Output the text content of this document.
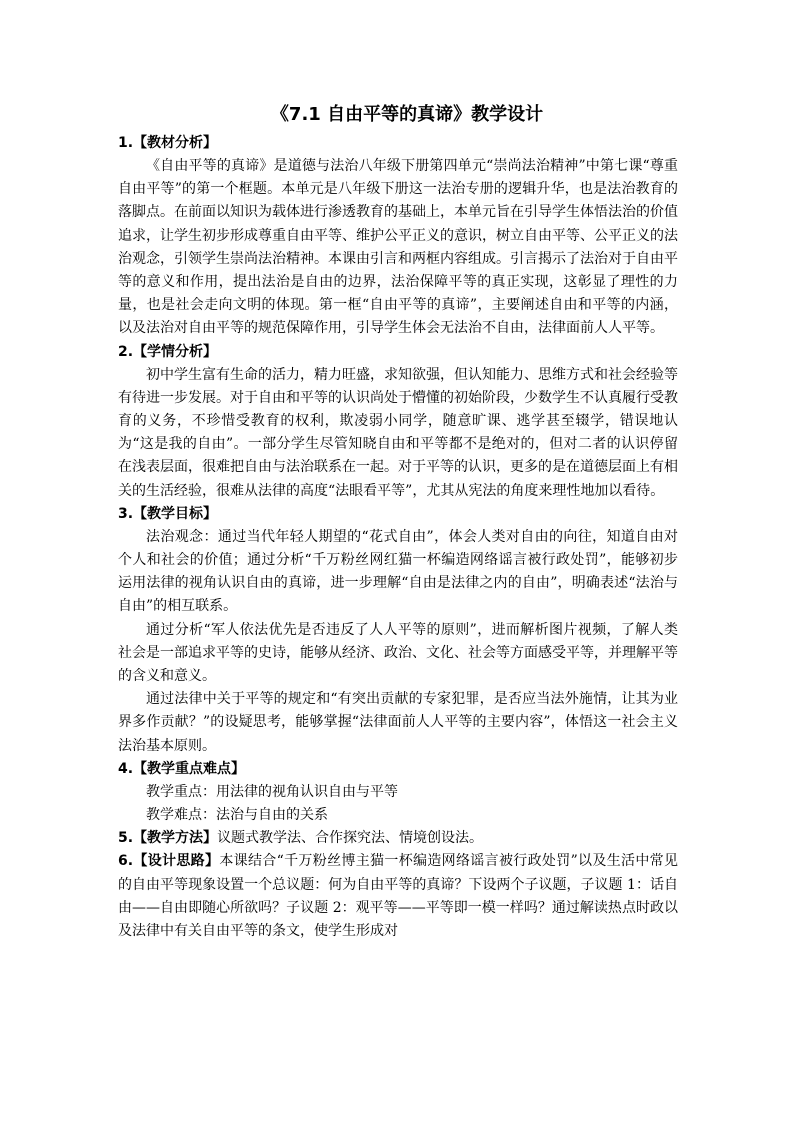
《7.1 自由平等的真谛》教学设计
1.【教材分析】

《自由平等的真谛》是道德与法治八年级下册第四单元“崇尚法治精神”中第七课“尊重自由平等”的第一个框题。本单元是八年级下册这一法治专册的逻辑升华，也是法治教育的落脚点。在前面以知识为载体进行渗透教育的基础上，本单元旨在引导学生体悟法治的价值追求，让学生初步形成尊重自由平等、维护公平正义的意识，树立自由平等、公平正义的法治观念，引领学生崇尚法治精神。本课由引言和两框内容组成。引言揭示了法治对于自由平等的意义和作用，提出法治是自由的边界，法治保障平等的真正实现，这彰显了理性的力量，也是社会走向文明的体现。第一框“自由平等的真谛”，主要阐述自由和平等的内涵，以及法治对自由平等的规范保障作用，引导学生体会无法治不自由，法律面前人人平等。

2.【学情分析】

初中学生富有生命的活力，精力旺盛，求知欲强，但认知能力、思维方式和社会经验等有待进一步发展。对于自由和平等的认识尚处于懵懂的初始阶段，少数学生不认真履行受教育的义务，不珍惜受教育的权利，欺凌弱小同学，随意旷课、逃学甚至辍学，错误地认为“这是我的自由”。一部分学生尽管知晓自由和平等都不是绝对的，但对二者的认识停留在浅表层面，很难把自由与法治联系在一起。对于平等的认识，更多的是在道德层面上有相关的生活经验，很难从法律的高度“法眼看平等”，尤其从宪法的角度来理性地加以看待。

3.【教学目标】

法治观念：通过当代年轻人期望的“花式自由”，体会人类对自由的向往，知道自由对个人和社会的价值；通过分析“千万粉丝网红猫一杯编造网络谣言被行政处罚”，能够初步运用法律的视角认识自由的真谛，进一步理解“自由是法律之内的自由”，明确表述“法治与自由”的相互联系。

通过分析“军人依法优先是否违反了人人平等的原则”，进而解析图片视频，了解人类社会是一部追求平等的史诗，能够从经济、政治、文化、社会等方面感受平等，并理解平等的含义和意义。

通过法律中关于平等的规定和“有突出贡献的专家犯罪，是否应当法外施情，让其为业界多作贡献？”的设疑思考，能够掌握“法律面前人人平等的主要内容”，体悟这一社会主义法治基本原则。

4.【教学重点难点】

教学重点：用法律的视角认识自由与平等

教学难点：法治与自由的关系

5.【教学方法】议题式教学法、合作探究法、情境创设法。

6.【设计思路】本课结合“千万粉丝博主猫一杯编造网络谣言被行政处罚”以及生活中常见的自由平等现象设置一个总议题：何为自由平等的真谛？下设两个子议题，子议题 1：话自由——自由即随心所欲吗？子议题 2：观平等——平等即一模一样吗？通过解读热点时政以及法律中有关自由平等的条文，使学生形成对
